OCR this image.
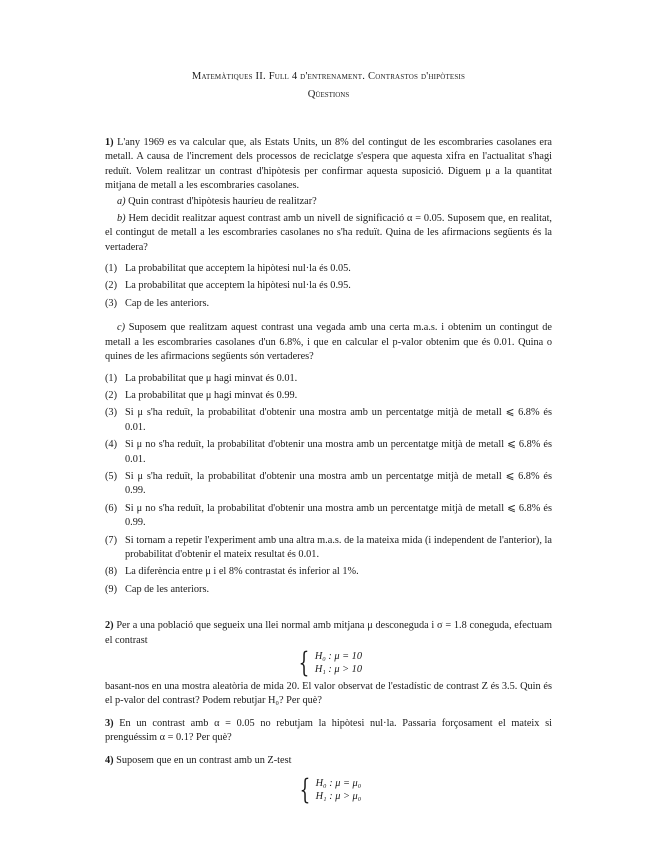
Matemàtiques II. Full 4 d'entrenament. Contrastos d'hipòtesis
Qüestions
1) L'any 1969 es va calcular que, als Estats Units, un 8% del contingut de les escombraries casolanes era metall. A causa de l'increment dels processos de reciclatge s'espera que aquesta xifra en l'actualitat s'hagi reduït. Volem realitzar un contrast d'hipòtesis per confirmar aquesta suposició. Diguem μ a la quantitat mitjana de metall a les escombraries casolanes.
a) Quin contrast d'hipòtesis hauríeu de realitzar?
b) Hem decidit realitzar aquest contrast amb un nivell de significació α = 0.05. Suposem que, en realitat, el contingut de metall a les escombraries casolanes no s'ha reduït. Quina de les afirmacions següents és la vertadera?
(1) La probabilitat que acceptem la hipòtesi nul·la és 0.05.
(2) La probabilitat que acceptem la hipòtesi nul·la és 0.95.
(3) Cap de les anteriors.
c) Suposem que realitzam aquest contrast una vegada amb una certa m.a.s. i obtenim un contingut de metall a les escombraries casolanes d'un 6.8%, i que en calcular el p-valor obtenim que és 0.01. Quina o quines de les afirmacions següents són vertaderes?
(1) La probabilitat que μ hagi minvat és 0.01.
(2) La probabilitat que μ hagi minvat és 0.99.
(3) Si μ s'ha reduït, la probabilitat d'obtenir una mostra amb un percentatge mitjà de metall ⩽ 6.8% és 0.01.
(4) Si μ no s'ha reduït, la probabilitat d'obtenir una mostra amb un percentatge mitjà de metall ⩽ 6.8% és 0.01.
(5) Si μ s'ha reduït, la probabilitat d'obtenir una mostra amb un percentatge mitjà de metall ⩽ 6.8% és 0.99.
(6) Si μ no s'ha reduït, la probabilitat d'obtenir una mostra amb un percentatge mitjà de metall ⩽ 6.8% és 0.99.
(7) Si tornam a repetir l'experiment amb una altra m.a.s. de la mateixa mida (i independent de l'anterior), la probabilitat d'obtenir el mateix resultat és 0.01.
(8) La diferència entre μ i el 8% contrastat és inferior al 1%.
(9) Cap de les anteriors.
2) Per a una població que segueix una llei normal amb mitjana μ desconeguda i σ = 1.8 coneguda, efectuam el contrast
{ H₀ : μ = 10
H₁ : μ > 10
basant-nos en una mostra aleatòria de mida 20. El valor observat de l'estadístic de contrast Z és 3.5. Quin és el p-valor del contrast? Podem rebutjar H₀? Per què?
3) En un contrast amb α = 0.05 no rebutjam la hipòtesi nul·la. Passaria forçosament el mateix si prenguéssim α = 0.1? Per què?
4) Suposem que en un contrast amb un Z-test
{ H₀ : μ = μ₀
H₁ : μ > μ₀
